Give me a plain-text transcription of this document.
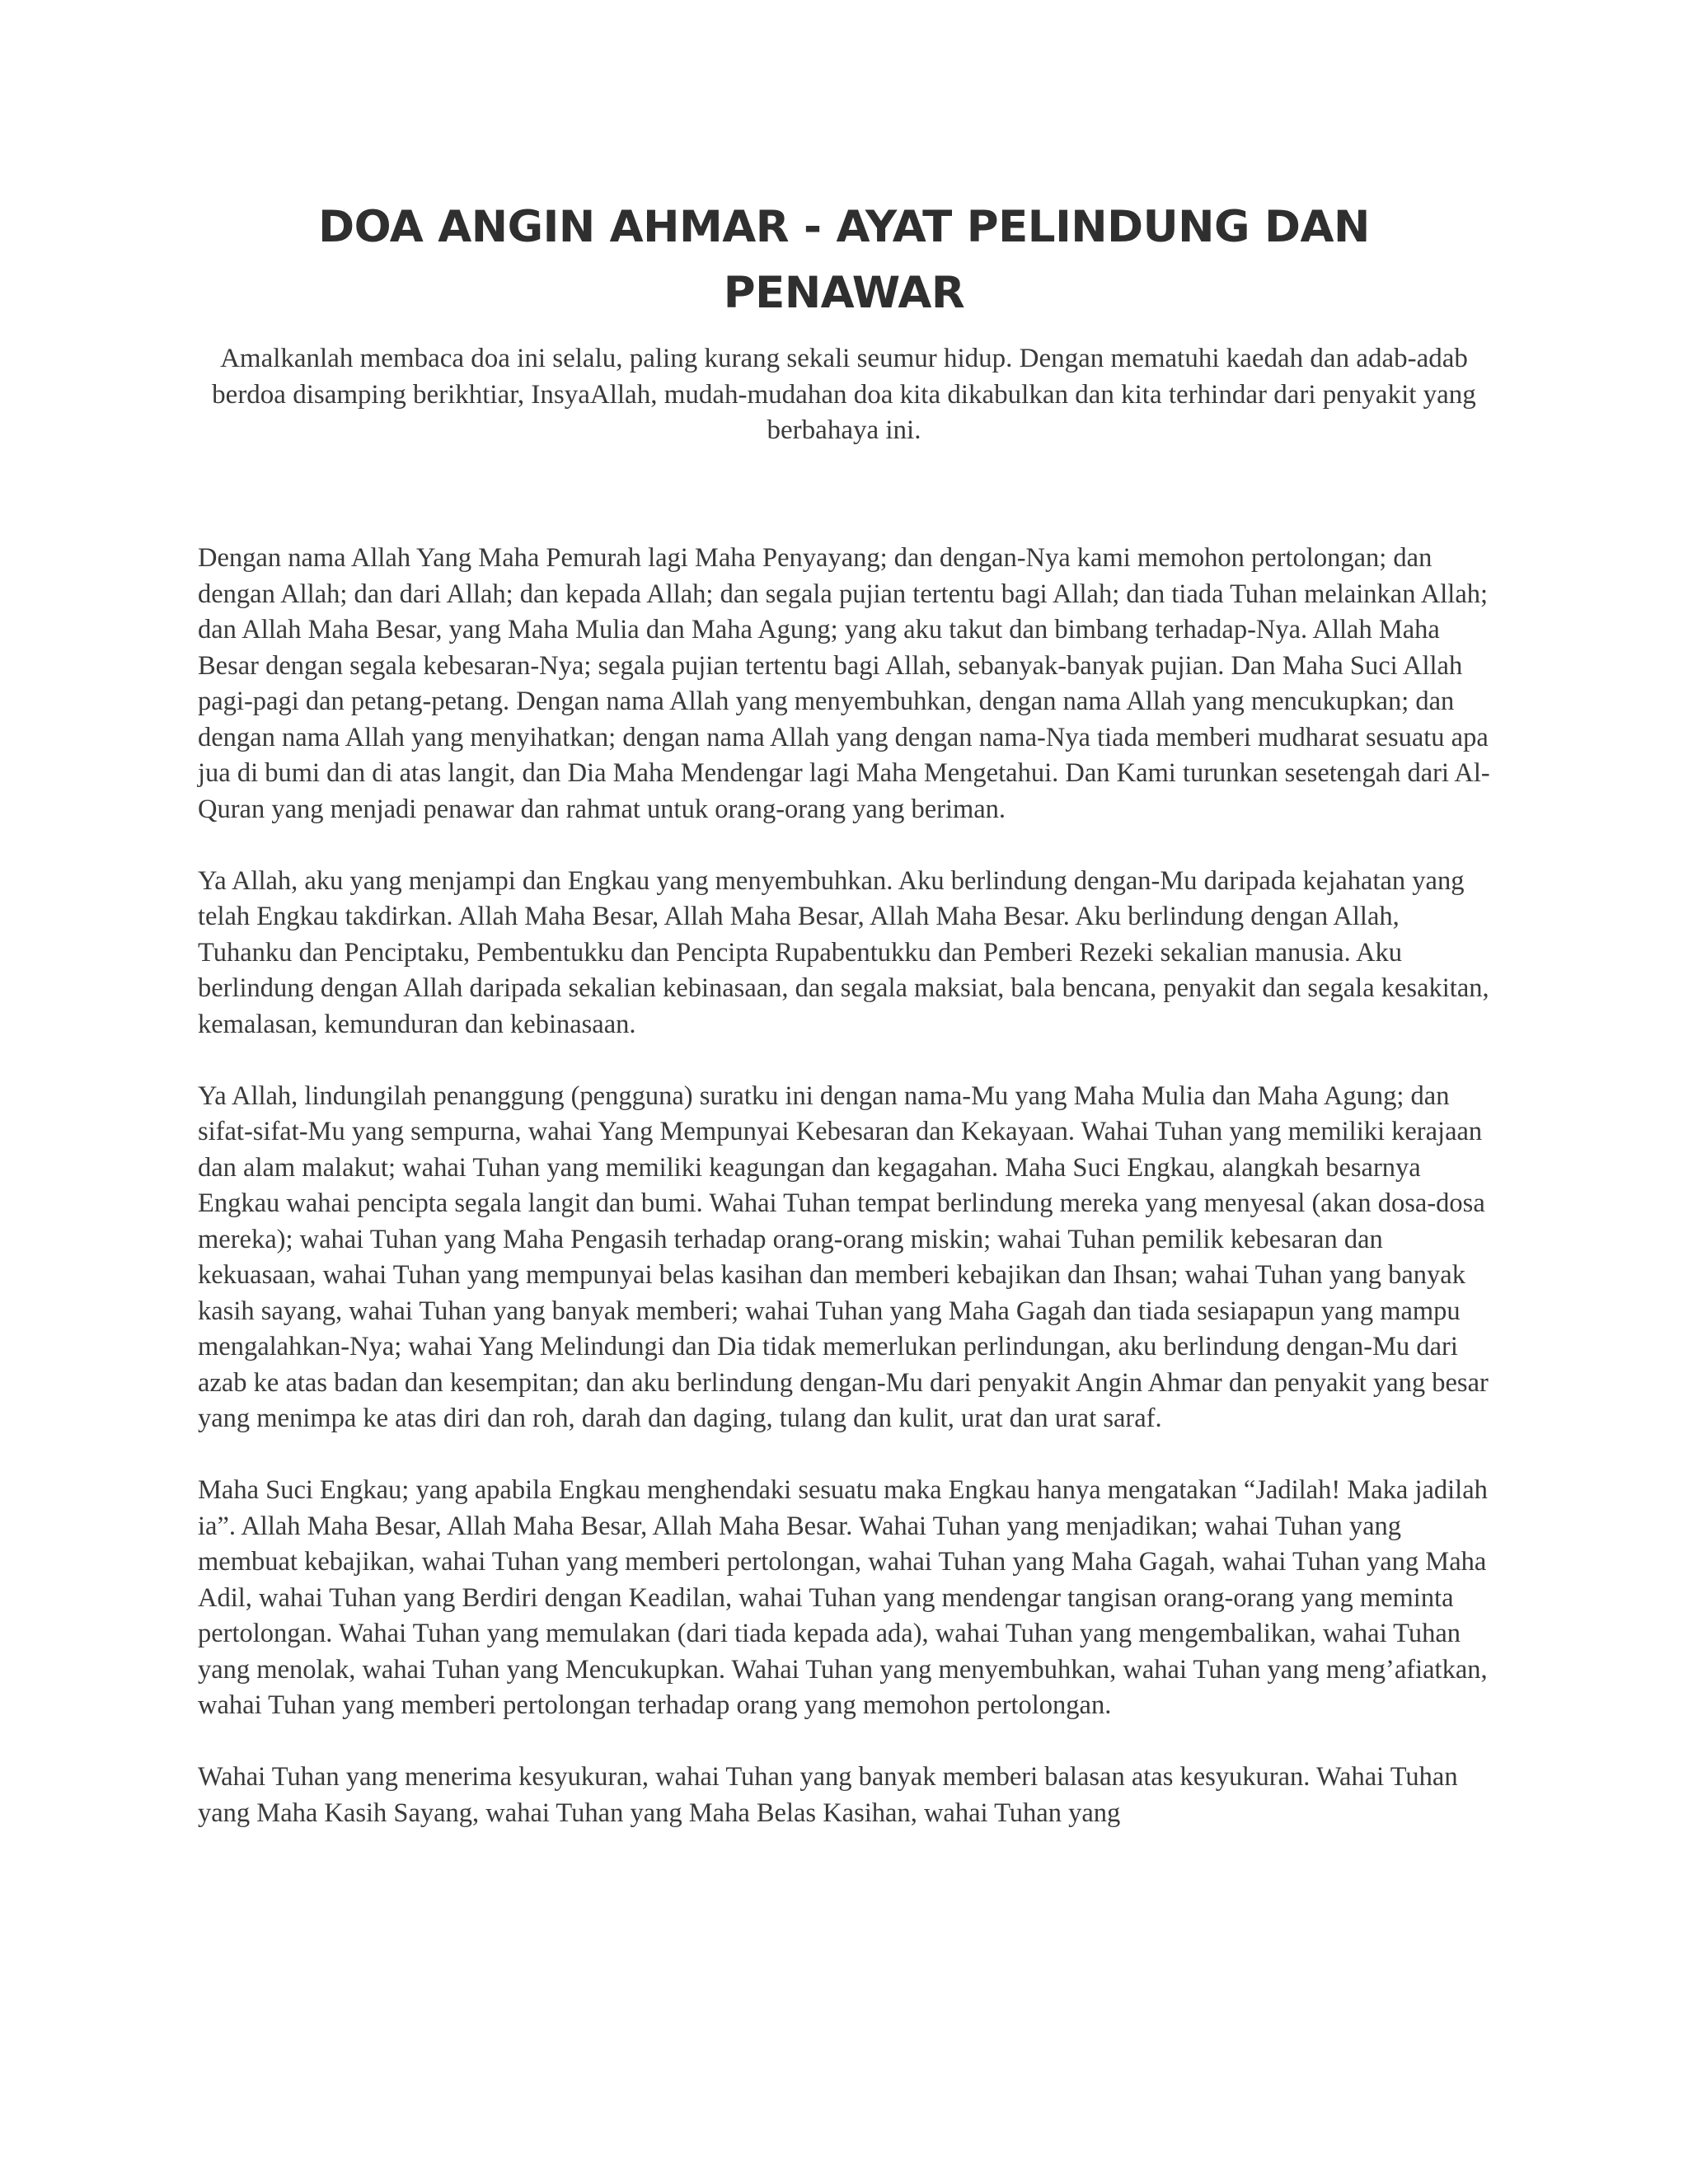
DOA ANGIN AHMAR - AYAT PELINDUNG DAN PENAWAR

Amalkanlah membaca doa ini selalu, paling kurang sekali seumur hidup. Dengan mematuhi kaedah dan adab-adab berdoa disamping berikhtiar, InsyaAllah, mudah-mudahan doa kita dikabulkan dan kita terhindar dari penyakit yang berbahaya ini.

Dengan nama Allah Yang Maha Pemurah lagi Maha Penyayang; dan dengan-Nya kami memohon pertolongan; dan dengan Allah; dan dari Allah; dan kepada Allah; dan segala pujian tertentu bagi Allah; dan tiada Tuhan melainkan Allah; dan Allah Maha Besar, yang Maha Mulia dan Maha Agung; yang aku takut dan bimbang terhadap-Nya. Allah Maha Besar dengan segala kebesaran-Nya; segala pujian tertentu bagi Allah, sebanyak-banyak pujian. Dan Maha Suci Allah pagi-pagi dan petang-petang. Dengan nama Allah yang menyembuhkan, dengan nama Allah yang mencukupkan; dan dengan nama Allah yang menyihatkan; dengan nama Allah yang dengan nama-Nya tiada memberi mudharat sesuatu apa jua di bumi dan di atas langit, dan Dia Maha Mendengar lagi Maha Mengetahui. Dan Kami turunkan sesetengah dari Al-Quran yang menjadi penawar dan rahmat untuk orang-orang yang beriman.

Ya Allah, aku yang menjampi dan Engkau yang menyembuhkan. Aku berlindung dengan-Mu daripada kejahatan yang telah Engkau takdirkan. Allah Maha Besar, Allah Maha Besar, Allah Maha Besar. Aku berlindung dengan Allah, Tuhanku dan Penciptaku, Pembentukku dan Pencipta Rupabentukku dan Pemberi Rezeki sekalian manusia. Aku berlindung dengan Allah daripada sekalian kebinasaan, dan segala maksiat, bala bencana, penyakit dan segala kesakitan, kemalasan, kemunduran dan kebinasaan.

Ya Allah, lindungilah penanggung (pengguna) suratku ini dengan nama-Mu yang Maha Mulia dan Maha Agung; dan sifat-sifat-Mu yang sempurna, wahai Yang Mempunyai Kebesaran dan Kekayaan. Wahai Tuhan yang memiliki kerajaan dan alam malakut; wahai Tuhan yang memiliki keagungan dan kegagahan. Maha Suci Engkau, alangkah besarnya Engkau wahai pencipta segala langit dan bumi. Wahai Tuhan tempat berlindung mereka yang menyesal (akan dosa-dosa mereka); wahai Tuhan yang Maha Pengasih terhadap orang-orang miskin; wahai Tuhan pemilik kebesaran dan kekuasaan, wahai Tuhan yang mempunyai belas kasihan dan memberi kebajikan dan Ihsan; wahai Tuhan yang banyak kasih sayang, wahai Tuhan yang banyak memberi; wahai Tuhan yang Maha Gagah dan tiada sesiapapun yang mampu mengalahkan-Nya; wahai Yang Melindungi dan Dia tidak memerlukan perlindungan, aku berlindung dengan-Mu dari azab ke atas badan dan kesempitan; dan aku berlindung dengan-Mu dari penyakit Angin Ahmar dan penyakit yang besar yang menimpa ke atas diri dan roh, darah dan daging, tulang dan kulit, urat dan urat saraf.

Maha Suci Engkau; yang apabila Engkau menghendaki sesuatu maka Engkau hanya mengatakan “Jadilah! Maka jadilah ia”. Allah Maha Besar, Allah Maha Besar, Allah Maha Besar. Wahai Tuhan yang menjadikan; wahai Tuhan yang membuat kebajikan, wahai Tuhan yang memberi pertolongan, wahai Tuhan yang Maha Gagah, wahai Tuhan yang Maha Adil, wahai Tuhan yang Berdiri dengan Keadilan, wahai Tuhan yang mendengar tangisan orang-orang yang meminta pertolongan. Wahai Tuhan yang memulakan (dari tiada kepada ada), wahai Tuhan yang mengembalikan, wahai Tuhan yang menolak, wahai Tuhan yang Mencukupkan. Wahai Tuhan yang menyembuhkan, wahai Tuhan yang meng’afiatkan, wahai Tuhan yang memberi pertolongan terhadap orang yang memohon pertolongan.

Wahai Tuhan yang menerima kesyukuran, wahai Tuhan yang banyak memberi balasan atas kesyukuran. Wahai Tuhan yang Maha Kasih Sayang, wahai Tuhan yang Maha Belas Kasihan, wahai Tuhan yang
